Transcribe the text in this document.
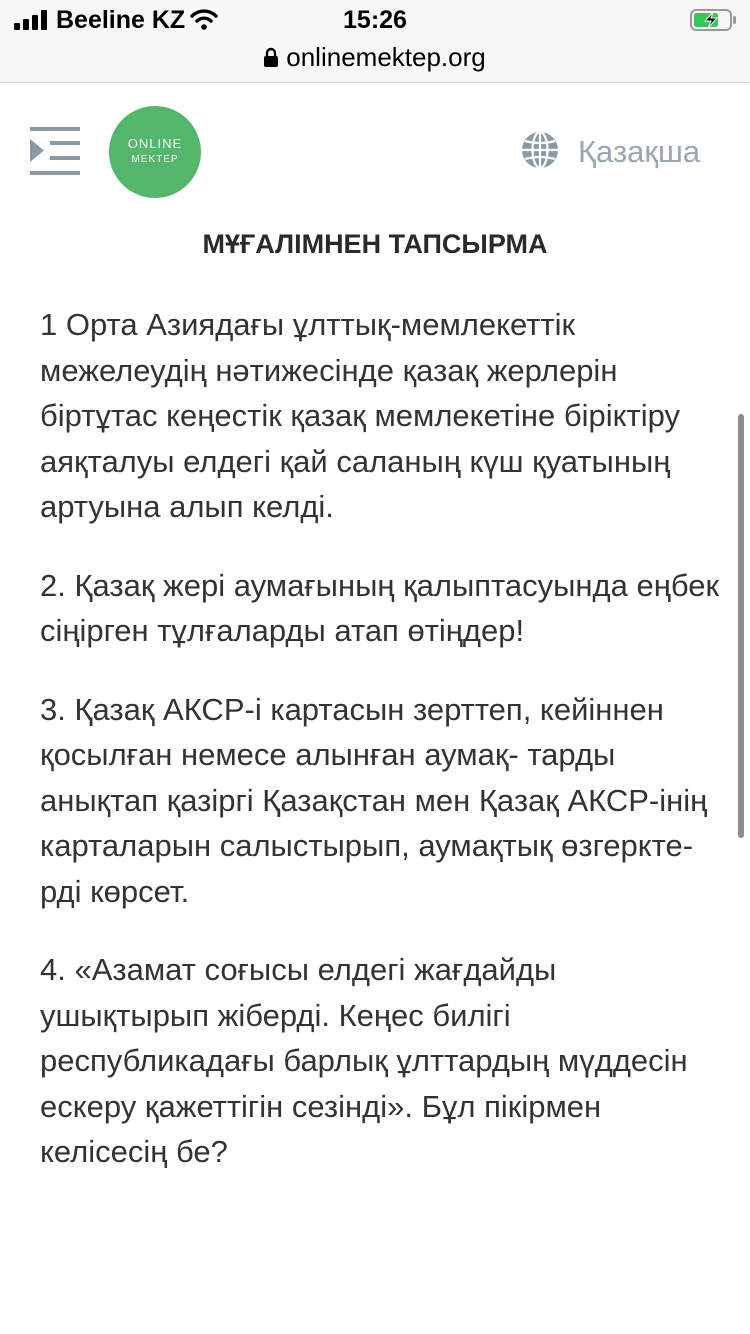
Beeline KZ	15:26
onlinemektep.org
ONLINE
MEKTEP	Қазақша
МҰҒАЛІМНЕН ТАПСЫРМА

1 Орта Азиядағы ұлттық-мемлекеттік межелеудің нәтижесінде қазақ жерлерін біртұтас кеңестік қазақ мемлекетіне біріктіру аяқталуы елдегі қай саланың күш қуатының артуына алып келді.

2. Қазақ жері аумағының қалыптасуында еңбек сіңірген тұлғаларды атап өтіңдер!

3. Қазақ АКСР-і картасын зерттеп, кейіннен қосылған немесе алынған аумақ- тарды анықтап қазіргі Қазақстан мен Қазақ АКСР-інің карталарын салыстырып, аумақтық өзгерктерді көрсет.

4. «Азамат соғысы елдегі жағдайды ушықтырып жіберді. Кеңес билігі республикадағы барлық ұлттардың мүддесін ескеру қажеттігін сезінді». Бұл пікірмен келісесің бе?
